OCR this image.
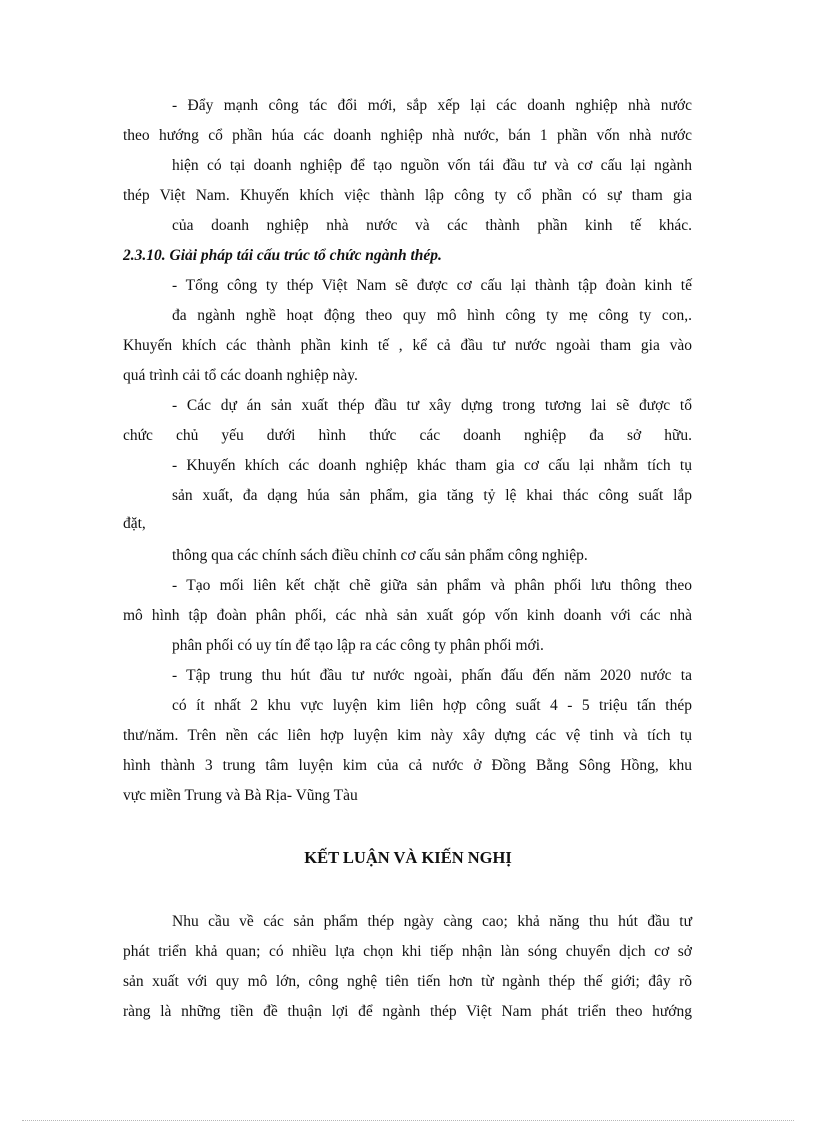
- Đẩy mạnh công tác đổi mới, sắp xếp lại các doanh nghiệp nhà nước

theo hướng cổ phần húa các doanh nghiệp nhà nước, bán 1 phần vốn nhà nước

hiện có tại doanh nghiệp để tạo nguồn vốn tái đầu tư và cơ cấu lại ngành

thép Việt Nam. Khuyến khích việc thành lập công ty cổ phần có sự tham gia

của doanh nghiệp nhà nước và các thành phần kinh tế khác.

2.3.10. Giải pháp tái cấu trúc tổ chức ngành thép.

- Tổng công ty thép Việt Nam sẽ được cơ cấu lại thành tập đoàn kinh tế

đa ngành nghề hoạt động theo quy mô hình công ty mẹ công ty con,.

Khuyến khích các thành phần kinh tế , kể cả đầu tư nước ngoài tham gia vào

quá trình cải tổ các doanh nghiệp này.

- Các dự án sản xuất thép đầu tư xây dựng trong tương lai sẽ được tổ

chức chủ yếu dưới hình thức các doanh nghiệp đa sở hữu.

- Khuyến khích các doanh nghiệp khác tham gia cơ cấu lại nhằm tích tụ

sản xuất, đa dạng húa sản phẩm, gia tăng tỷ lệ khai thác công suất lắp

đặt,

thông qua các chính sách điều chỉnh cơ cấu sản phẩm công nghiệp.

- Tạo mối liên kết chặt chẽ giữa sản phẩm và phân phối lưu thông theo

mô hình tập đoàn phân phối, các nhà sản xuất góp vốn kinh doanh với các nhà

phân phối có uy tín để tạo lập ra các công ty phân phối mới.

- Tập trung thu hút đầu tư nước ngoài, phấn đấu đến năm 2020 nước ta

có ít nhất 2 khu vực luyện kim liên hợp công suất 4 - 5 triệu tấn thép

thư/năm. Trên nền các liên hợp luyện kim này xây dựng các vệ tinh và tích tụ

hình thành 3 trung tâm luyện kim của cả nước ở Đồng Bằng Sông Hồng, khu

vực miền Trung và Bà Rịa- Vũng Tàu

KẾT LUẬN VÀ KIẾN NGHỊ

Nhu cầu về các sản phẩm thép ngày càng cao; khả năng thu hút đầu tư

phát triển khả quan; có nhiều lựa chọn khi tiếp nhận làn sóng chuyển dịch cơ sở

sản xuất với quy mô lớn, công nghệ tiên tiến hơn từ ngành thép thế giới; đây rõ

ràng là những tiền đề thuận lợi để ngành thép Việt Nam phát triển theo hướng
